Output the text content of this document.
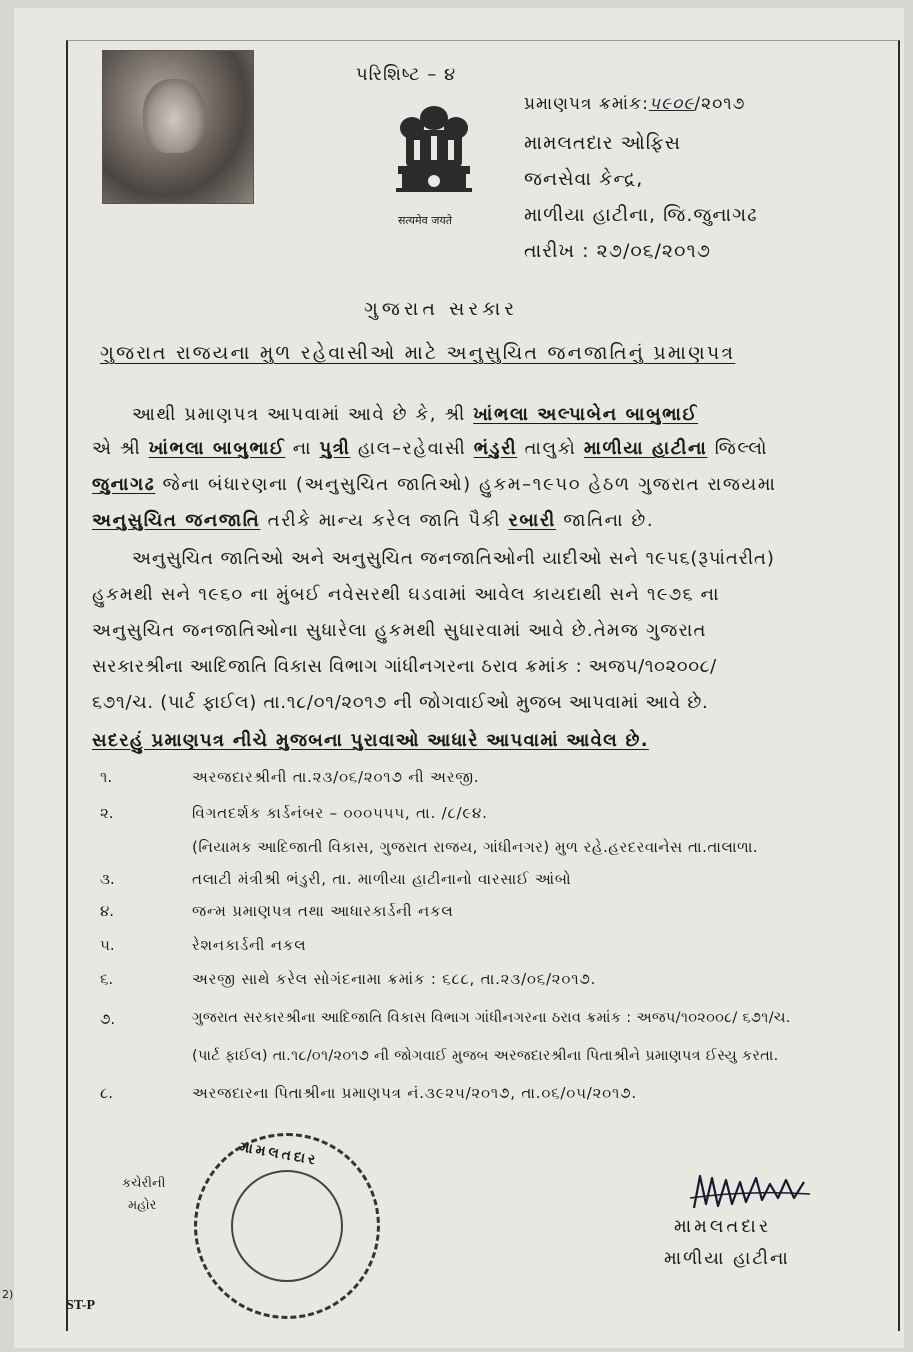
પરિશિષ્ટ – ૪
सत्यमेव जयते
પ્રમાણપત્ર ક્રમાંક:૫૯૦૯/૨૦૧૭
મામલતદાર ઓફિસ
જનસેવા કેન્દ્ર,
માળીયા હાટીના, જિ.જુનાગઢ
તારીખ : ૨૭/૦૬/૨૦૧૭
ગુજરાત સરકાર
ગુજરાત રાજયના મુળ રહેવાસીઓ માટે અનુસુચિત જનજાતિનું પ્રમાણપત્ર
આથી પ્રમાણપત્ર આપવામાં આવે છે કે, શ્રી ખાંભલા અલ્પાબેન બાબુભાઈ
એ શ્રી ખાંભલા બાબુભાઈ ના પુત્રી હાલ–રહેવાસી ભંડુરી તાલુકો માળીયા હાટીના જિલ્લો
જુનાગઢ જેના બંધારણના (અનુસુચિત જાતિઓ) હુકમ–૧૯૫૦ હેઠળ ગુજરાત રાજયમા
અનુસુચિત જનજાતિ તરીકે માન્ય કરેલ જાતિ પૈકી રબારી જાતિના છે.
અનુસુચિત જાતિઓ અને અનુસુચિત જનજાતિઓની યાદીઓ સને ૧૯૫૬(રૂપાંતરીત)
હુકમથી સને ૧૯૬૦ ના મુંબઈ નવેસરથી ઘડવામાં આવેલ કાયદાથી સને ૧૯૭૬ ના
અનુસુચિત જનજાતિઓના સુધારેલા હુકમથી સુધારવામાં આવે છે.તેમજ ગુજરાત
સરકારશ્રીના આદિજાતિ વિકાસ વિભાગ ગાંધીનગરના ઠરાવ ક્રમાંક : અજપ/૧૦૨૦૦૮/
૬૭૧/ચ. (પાર્ટ ફાઈલ) તા.૧૮/૦૧/૨૦૧૭ ની જોગવાઈઓ મુજબ આપવામાં આવે છે.
સદરહું પ્રમાણપત્ર નીચે મુજબના પુરાવાઓ આધારે આપવામાં આવેલ છે.
૧.	અરજદારશ્રીની તા.૨૩/૦૬/૨૦૧૭ ની અરજી.
૨.	વિગતદર્શક કાર્ડનંબર – ૦૦૦૫૫૫, તા. /૮/૯૪.
(નિયામક આદિજાતી વિકાસ, ગુજરાત રાજય, ગાંધીનગર) મુળ રહે.હરદરવાનેસ તા.તાલાળા.
૩.	તલાટી મંત્રીશ્રી ભંડુરી, તા. માળીયા હાટીનાનો વારસાઈ આંબો
૪.	જન્મ પ્રમાણપત્ર તથા આધારકાર્ડની નકલ
૫.	રેશનકાર્ડની નકલ
૬.	અરજી સાથે કરેલ સોગંદનામા ક્રમાંક : ૬૮૮, તા.૨૩/૦૬/૨૦૧૭.
૭.	ગુજરાત સરકારશ્રીના આદિજાતિ વિકાસ વિભાગ ગાંધીનગરના ઠરાવ ક્રમાંક : અજપ/૧૦૨૦૦૮/ ૬૭૧/ચ.
(પાર્ટ ફાઈલ) તા.૧૮/૦૧/૨૦૧૭ ની જોગવાઈ મુજબ અરજદારશ્રીના પિતાશ્રીને પ્રમાણપત્ર ઈસ્યુ કરતા.
૮.	અરજદારના પિતાશ્રીના પ્રમાણપત્ર નં.૩૯૨૫/૨૦૧૭, તા.૦૬/૦૫/૨૦૧૭.
કચેરીની
મહોર
મામલતદાર
મામલતદાર
માળીયા હાટીના
ST-P
2)
